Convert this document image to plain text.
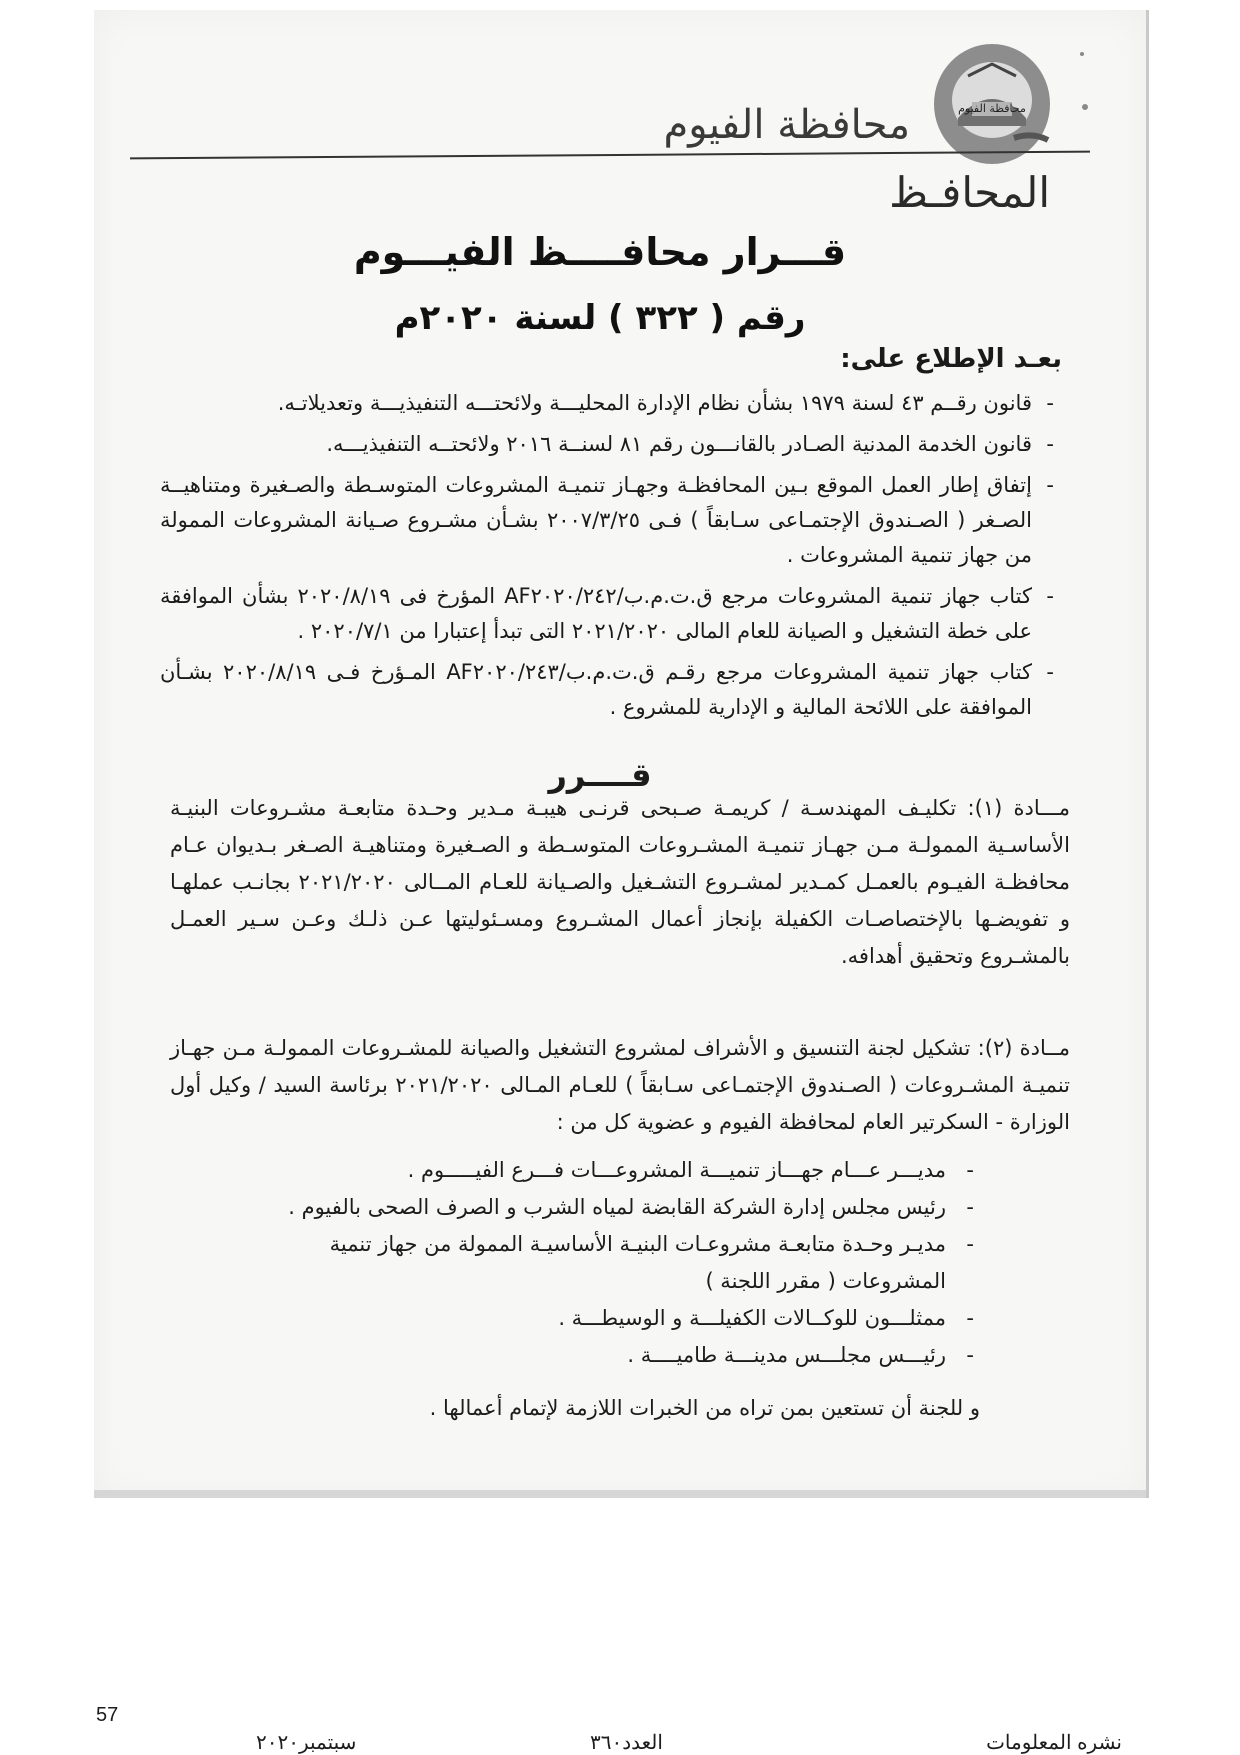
محافظة الفيوم
محافظة الفيوم
المحافـظ
قـــرار محافــــظ الفيـــوم
رقم ( ٣٢٢ ) لسنة ٢٠٢٠م
بعـد الإطلاع على:
- قانون رقــم ٤٣ لسنة ١٩٧٩ بشأن نظام الإدارة المحليـــة ولائحتـــه التنفيذيـــة وتعديلاتـه.
- قانون الخدمة المدنية الصـادر بالقانـــون رقم ٨١ لسنــة ٢٠١٦ ولائحتــه التنفيذيـــه.
- إتفاق إطار العمل الموقع بـين المحافظـة وجهـاز تنميـة المشروعات المتوسـطة والصـغيرة ومتناهيــة الصـغر ( الصـندوق الإجتمـاعى سـابقاً ) فـى ٢٠٠٧/٣/٢٥ بشـأن مشـروع صـيانة المشروعات الممولة من جهاز تنمية المشروعات .
- كتاب جهاز تنمية المشروعات مرجع ق.ت.م.ب/AF٢٠٢٠/٢٤٢ المؤرخ فى ٢٠٢٠/٨/١٩ بشأن الموافقة على خطة التشغيل و الصيانة للعام المالى ٢٠٢١/٢٠٢٠ التى تبدأ إعتبارا من ٢٠٢٠/٧/١ .
- كتاب جهاز تنمية المشروعات مرجع رقـم ق.ت.م.ب/AF٢٠٢٠/٢٤٣ المـؤرخ فـى ٢٠٢٠/٨/١٩ بشـأن الموافقة على اللائحة المالية و الإدارية للمشروع .
قــــرر
مـــادة (١): تكليـف المهندسـة / كريمـة صـبحى قرنـى هيبـة مـدير وحـدة متابعـة مشـروعات البنيـة الأساسـية الممولـة مـن جهـاز تنميـة المشـروعات المتوسـطة و الصـغيرة ومتناهيـة الصـغر بـديوان عـام محافظـة الفيـوم بالعمـل كمـدير لمشـروع التشـغيل والصـيانة للعـام المــالى ٢٠٢١/٢٠٢٠ بجانـب عملهـا و تفويضـها بالإختصاصـات الكفيلة بإنجاز أعمال المشـروع ومسـئوليتها عـن ذلـك وعـن سـير العمـل بالمشـروع وتحقيق أهدافه.
مــادة (٢): تشكيل لجنة التنسيق و الأشراف لمشروع التشغيل والصيانة للمشـروعات الممولـة مـن جهـاز تنميـة المشـروعات ( الصـندوق الإجتمـاعى سـابقاً ) للعـام المـالى ٢٠٢١/٢٠٢٠ برئاسة السيد / وكيل أول الوزارة - السكرتير العام لمحافظة الفيوم و عضوية كل من :
- مديـــر عـــام جهـــاز تنميـــة المشروعـــات فـــرع الفيـــــوم .
- رئيس مجلس إدارة الشركة القابضة لمياه الشرب و الصرف الصحى بالفيوم .
- مديـر وحـدة متابعـة مشروعـات البنيـة الأساسيـة الممولة من جهاز تنمية المشروعات ( مقرر اللجنة )
- ممثلـــون للوكــالات الكفيلـــة و الوسيطـــة .
- رئيـــس مجلـــس مدينـــة طاميــــة .
و للجنة أن تستعين بمن تراه من الخبرات اللازمة لإتمام أعمالها .
57
نشره المعلومات
العدد٣٦٠
سبتمبر٢٠٢٠
